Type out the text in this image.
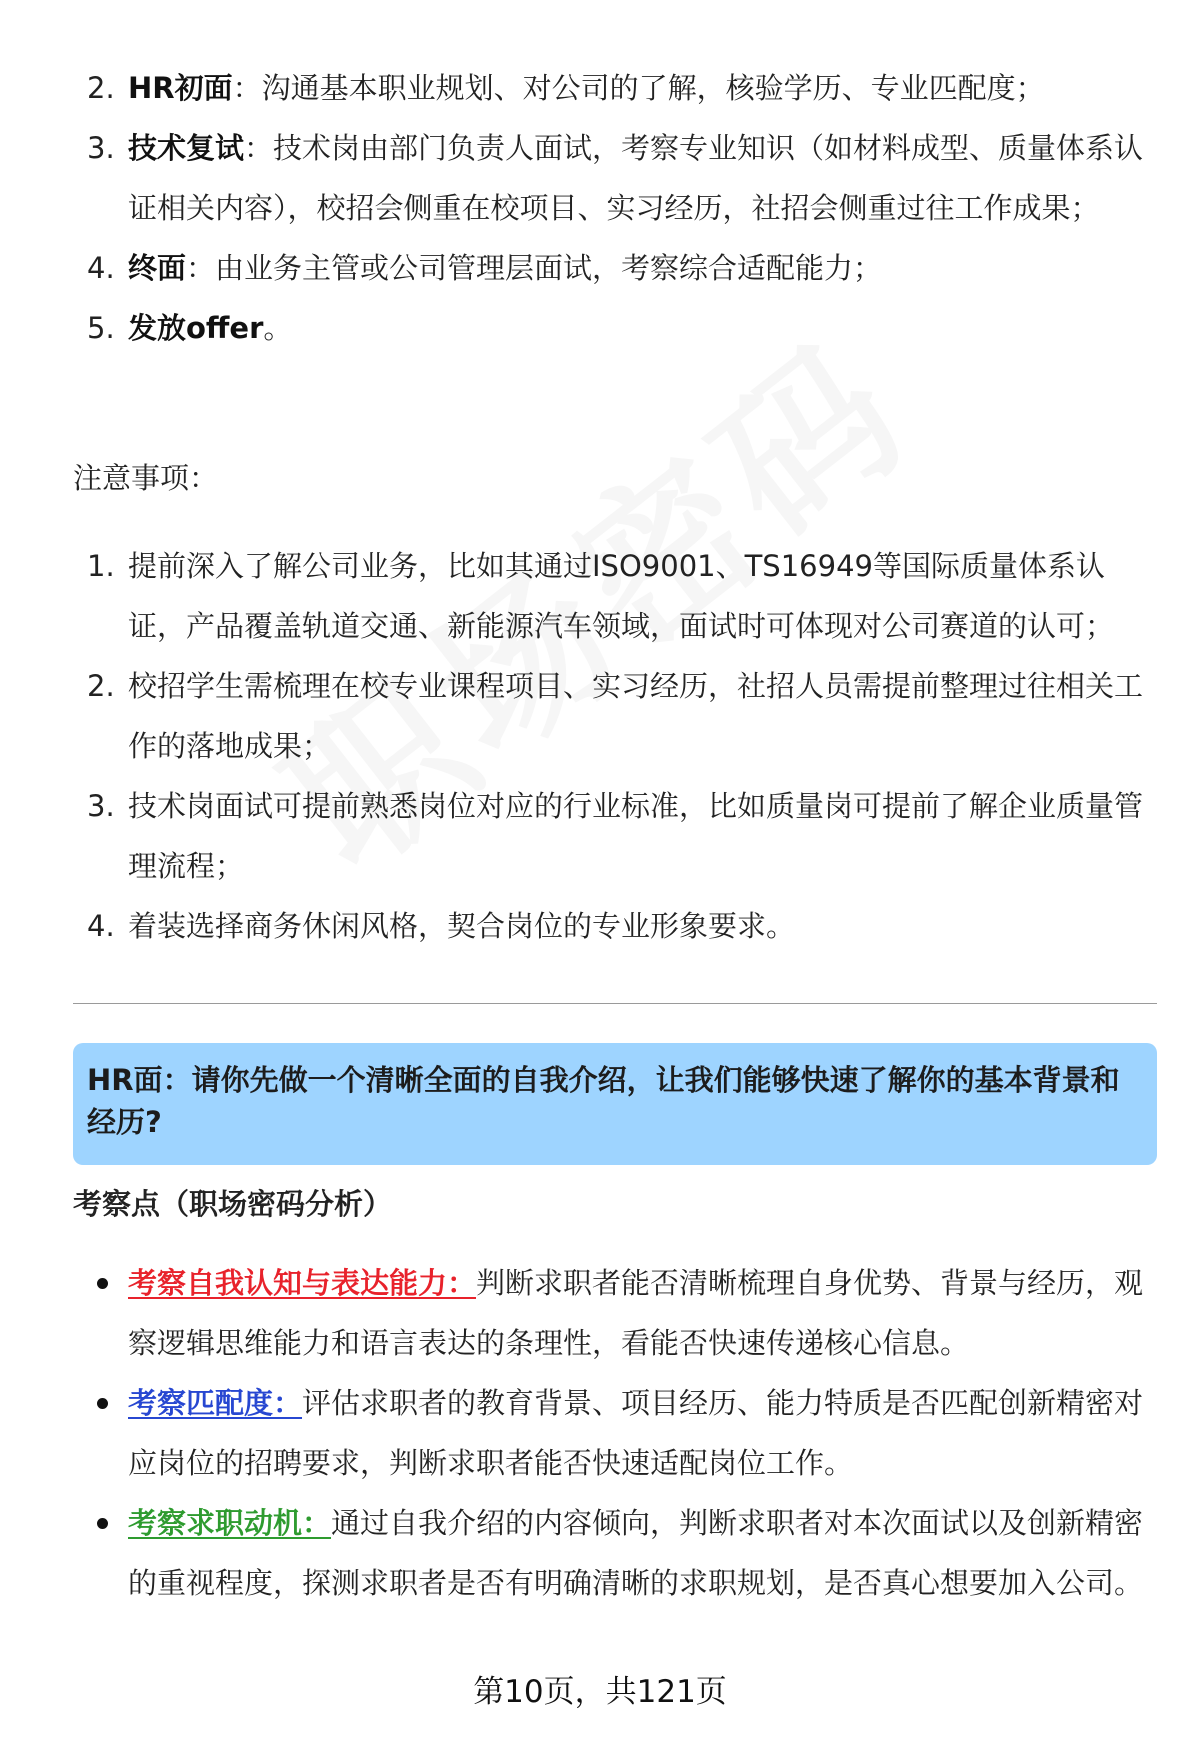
2. HR初面：沟通基本职业规划、对公司的了解，核验学历、专业匹配度；
3. 技术复试：技术岗由部门负责人面试，考察专业知识（如材料成型、质量体系认证相关内容），校招会侧重在校项目、实习经历，社招会侧重过往工作成果；
4. 终面：由业务主管或公司管理层面试，考察综合适配能力；
5. 发放offer。
注意事项：
1. 提前深入了解公司业务，比如其通过ISO9001、TS16949等国际质量体系认证，产品覆盖轨道交通、新能源汽车领域，面试时可体现对公司赛道的认可；
2. 校招学生需梳理在校专业课程项目、实习经历，社招人员需提前整理过往相关工作的落地成果；
3. 技术岗面试可提前熟悉岗位对应的行业标准，比如质量岗可提前了解企业质量管理流程；
4. 着装选择商务休闲风格，契合岗位的专业形象要求。
HR面：请你先做一个清晰全面的自我介绍，让我们能够快速了解你的基本背景和经历?
考察点（职场密码分析）
考察自我认知与表达能力：判断求职者能否清晰梳理自身优势、背景与经历，观察逻辑思维能力和语言表达的条理性，看能否快速传递核心信息。
考察匹配度：评估求职者的教育背景、项目经历、能力特质是否匹配创新精密对应岗位的招聘要求，判断求职者能否快速适配岗位工作。
考察求职动机：通过自我介绍的内容倾向，判断求职者对本次面试以及创新精密的重视程度，探测求职者是否有明确清晰的求职规划，是否真心想要加入公司。
第10页，共121页
